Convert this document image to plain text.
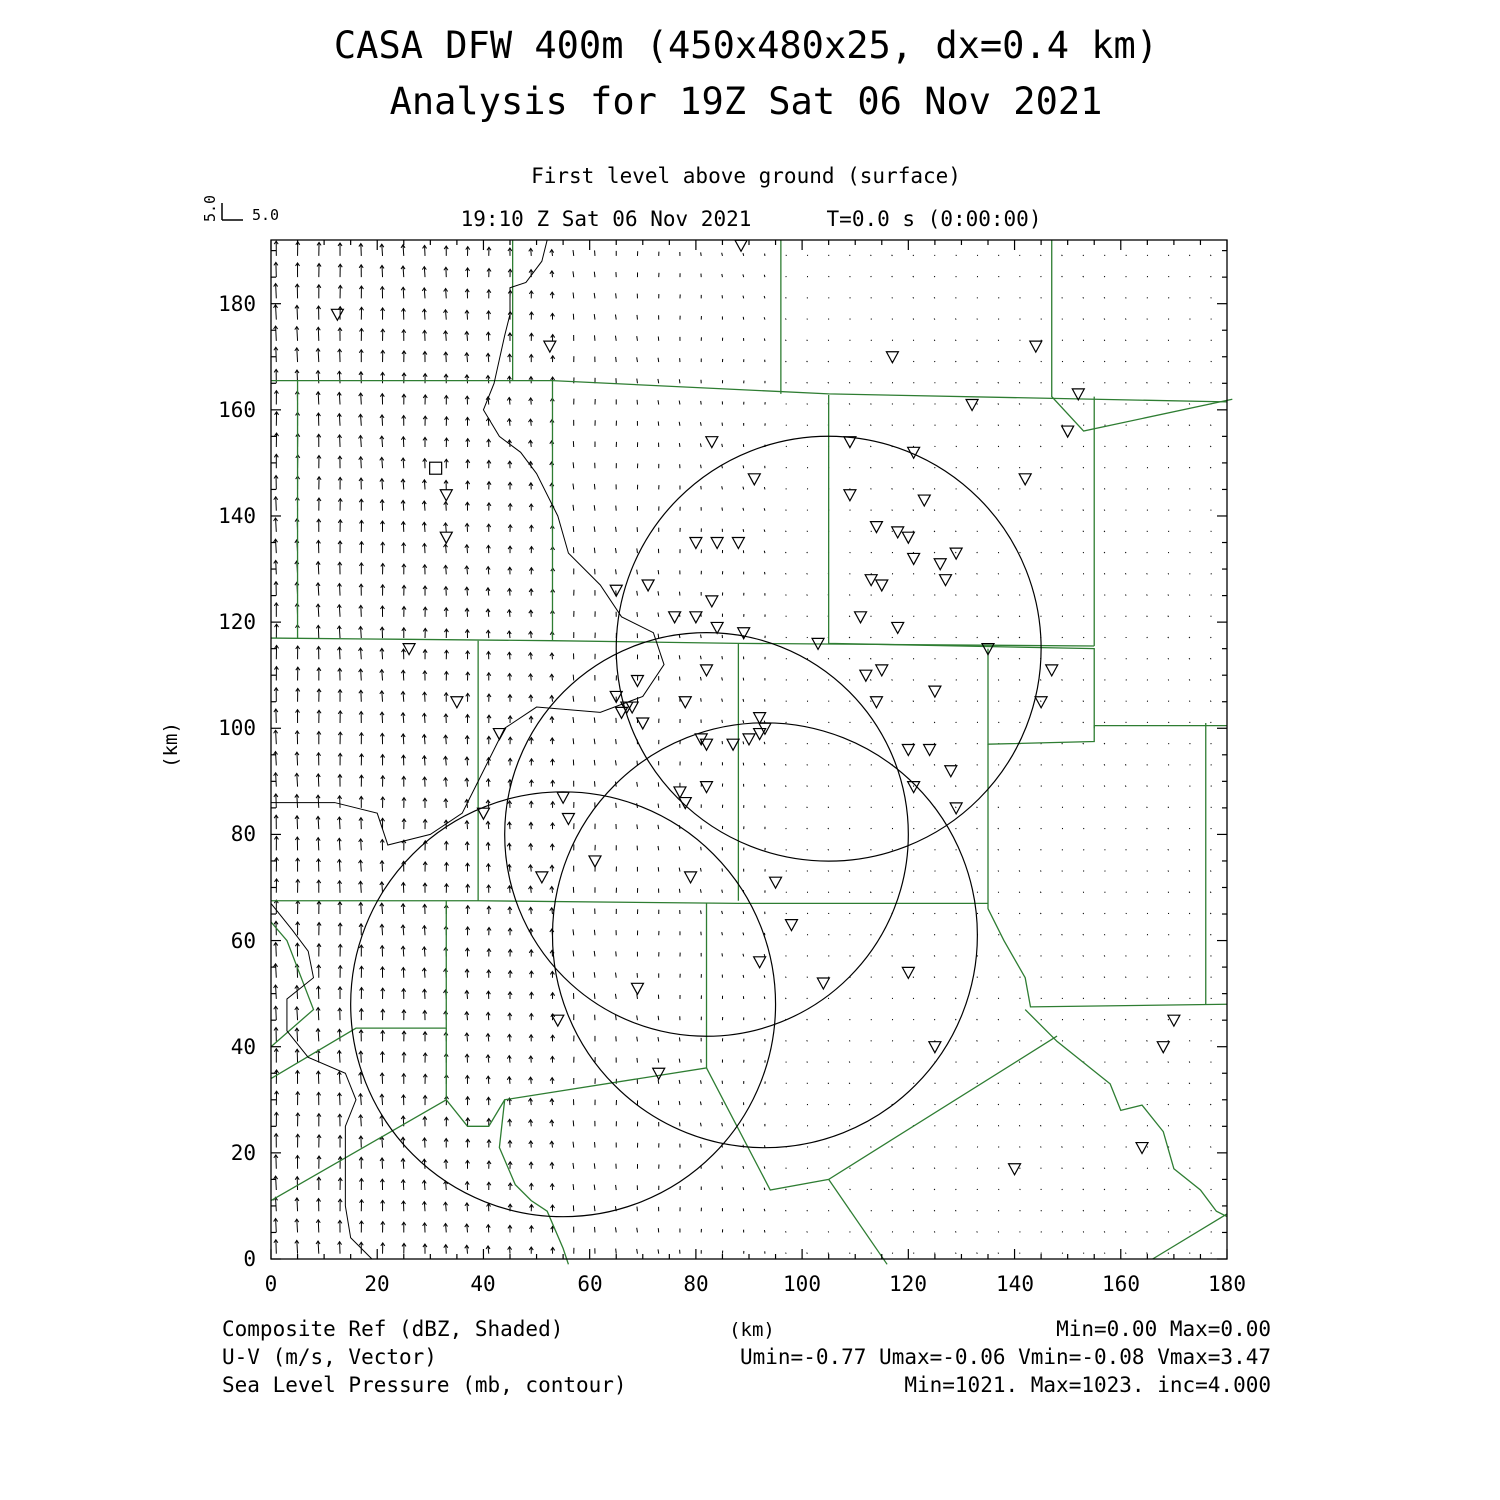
CASA DFW 400m (450x480x25, dx=0.4 km)
Analysis for 19Z Sat 06 Nov 2021
First level above ground (surface)
19:10 Z Sat 06 Nov 2021	T=0.0 s (0:00:00)
5.0 5.0
0	20	40	60	80	100	120	140	160	180
0
20
40
60
80
100
120
140
160
180
(km)
Composite Ref (dBZ, Shaded)	(km)	Min=0.00 Max=0.00
U-V (m/s, Vector)	Umin=-0.77 Umax=-0.06 Vmin=-0.08 Vmax=3.47
Sea Level Pressure (mb, contour)	Min=1021. Max=1023. inc=4.000
